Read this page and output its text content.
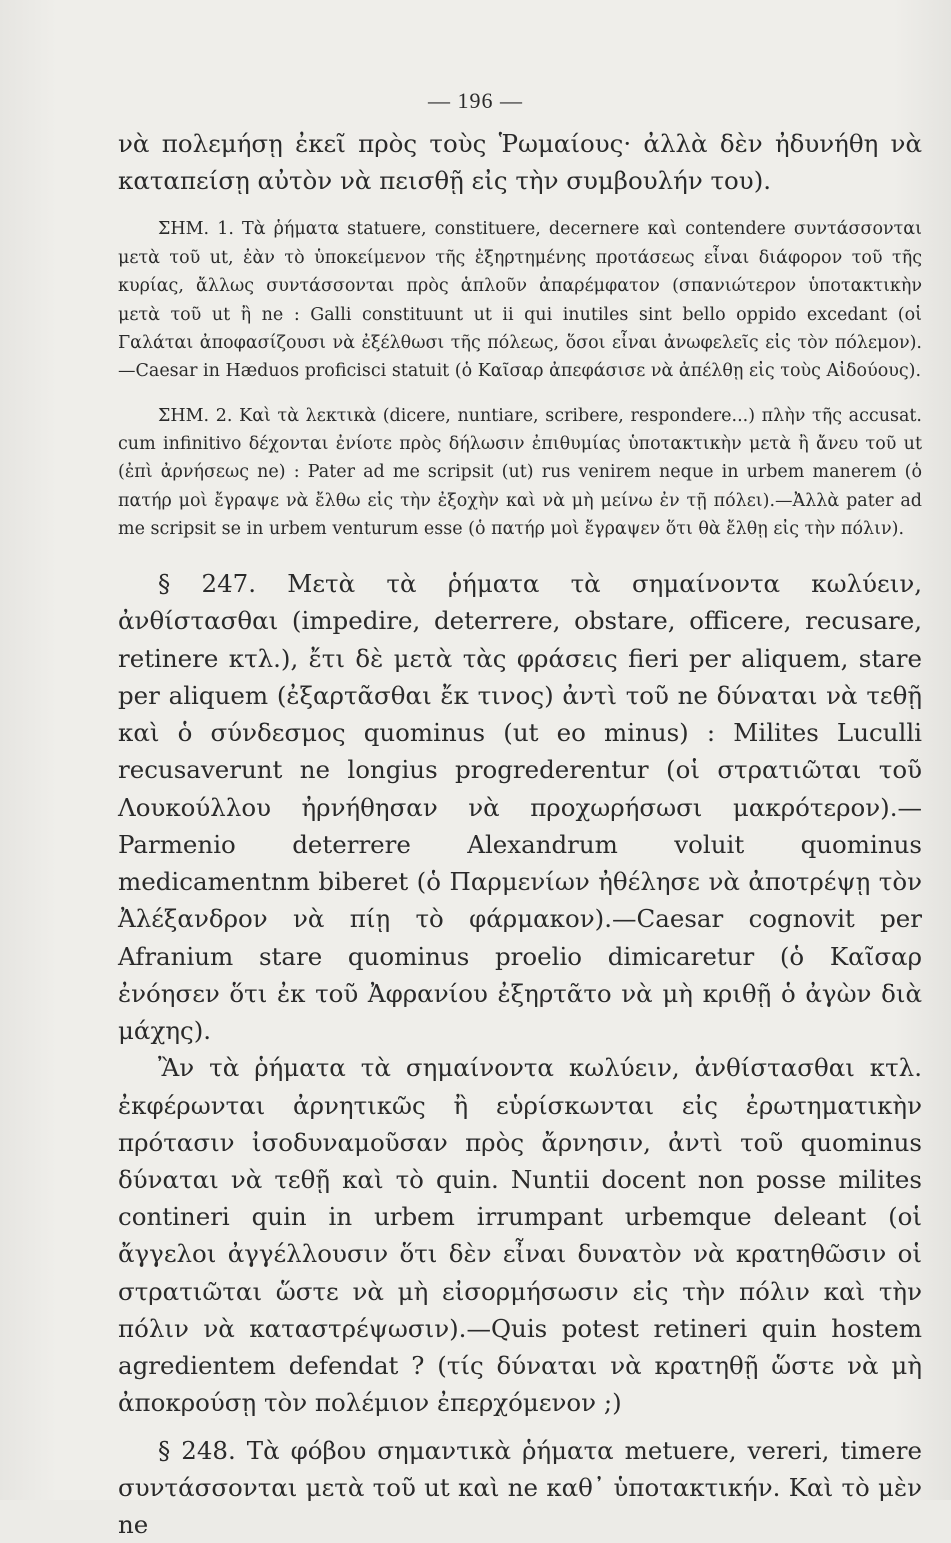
— 196 —

νὰ πολεμήσῃ ἐκεῖ πρὸς τοὺς Ῥωμαίους· ἀλλὰ δὲν ἠδυνήθη νὰ καταπείσῃ αὐτὸν νὰ πεισθῇ εἰς τὴν συμβουλήν του).

ΣΗΜ. 1. Τὰ ῥήματα statuere, constituere, decernere καὶ contendere συντάσσονται μετὰ τοῦ ut, ἐὰν τὸ ὑποκείμενον τῆς ἐξηρτημένης προτάσεως εἶναι διάφορον τοῦ τῆς κυρίας, ἄλλως συντάσσονται πρὸς ἁπλοῦν ἀπαρέμφατον (σπανιώτερον ὑποτακτικὴν μετὰ τοῦ ut ἢ ne : Galli constituunt ut ii qui inutiles sint bello oppido excedant (οἱ Γαλάται ἀποφασίζουσι νὰ ἐξέλθωσι τῆς πόλεως, ὅσοι εἶναι ἀνωφελεῖς εἰς τὸν πόλεμον).—Caesar in Hæduos proficisci statuit (ὁ Καῖσαρ ἀπεφάσισε νὰ ἀπέλθῃ εἰς τοὺς Αἰδούους).

ΣΗΜ. 2. Καὶ τὰ λεκτικὰ (dicere, nuntiare, scribere, respondere...) πλὴν τῆς accusat. cum infinitivo δέχονται ἐνίοτε πρὸς δήλωσιν ἐπιθυμίας ὑποτακτικὴν μετὰ ἢ ἄνευ τοῦ ut (ἐπὶ ἀρνήσεως ne) : Pater ad me scripsit (ut) rus venirem neque in urbem manerem (ὁ πατήρ μοὶ ἔγραψε νὰ ἔλθω εἰς τὴν ἐξοχὴν καὶ νὰ μὴ μείνω ἐν τῇ πόλει).—Ἀλλὰ pater ad me scripsit se in urbem venturum esse (ὁ πατήρ μοὶ ἔγραψεν ὅτι θὰ ἔλθῃ εἰς τὴν πόλιν).

§ 247. Μετὰ τὰ ῥήματα τὰ σημαίνοντα κωλύειν, ἀνθίστασθαι (impedire, deterrere, obstare, officere, recusare, retinere κτλ.), ἔτι δὲ μετὰ τὰς φράσεις fieri per aliquem, stare per aliquem (ἐξαρτᾶσθαι ἔκ τινος) ἀντὶ τοῦ ne δύναται νὰ τεθῇ καὶ ὁ σύνδεσμος quominus (ut eo minus) : Milites Luculli recusaverunt ne longius progrederentur (οἱ στρατιῶται τοῦ Λουκούλλου ἠρνήθησαν νὰ προχωρήσωσι μακρότερον).—Parmenio deterrere Alexandrum voluit quominus medicamentnm biberet (ὁ Παρμενίων ἠθέλησε νὰ ἀποτρέψῃ τὸν Ἀλέξανδρον νὰ πίῃ τὸ φάρμακον).—Caesar cognovit per Afranium stare quominus proelio dimicaretur (ὁ Καῖσαρ ἐνόησεν ὅτι ἐκ τοῦ Ἀφρανίου ἐξηρτᾶτο νὰ μὴ κριθῇ ὁ ἀγὼν διὰ μάχης).

Ἂν τὰ ῥήματα τὰ σημαίνοντα κωλύειν, ἀνθίστασθαι κτλ. ἐκφέρωνται ἀρνητικῶς ἢ εὑρίσκωνται εἰς ἐρωτηματικὴν πρότασιν ἰσοδυναμοῦσαν πρὸς ἄρνησιν, ἀντὶ τοῦ quominus δύναται νὰ τεθῇ καὶ τὸ quin. Nuntii docent non posse milites contineri quin in urbem irrumpant urbemque deleant (οἱ ἄγγελοι ἀγγέλλουσιν ὅτι δὲν εἶναι δυνατὸν νὰ κρατηθῶσιν οἱ στρατιῶται ὥστε νὰ μὴ εἰσορμήσωσιν εἰς τὴν πόλιν καὶ τὴν πόλιν νὰ καταστρέψωσιν).—Quis potest retineri quin hostem agredientem defendat ? (τίς δύναται νὰ κρατηθῇ ὥστε νὰ μὴ ἀποκρούσῃ τὸν πολέμιον ἐπερχόμενον ;)

§ 248. Τὰ φόβου σημαντικὰ ῥήματα metuere, vereri, timere συντάσσονται μετὰ τοῦ ut καὶ ne καθ᾿ ὑποτακτικήν. Καὶ τὸ μὲν ne
